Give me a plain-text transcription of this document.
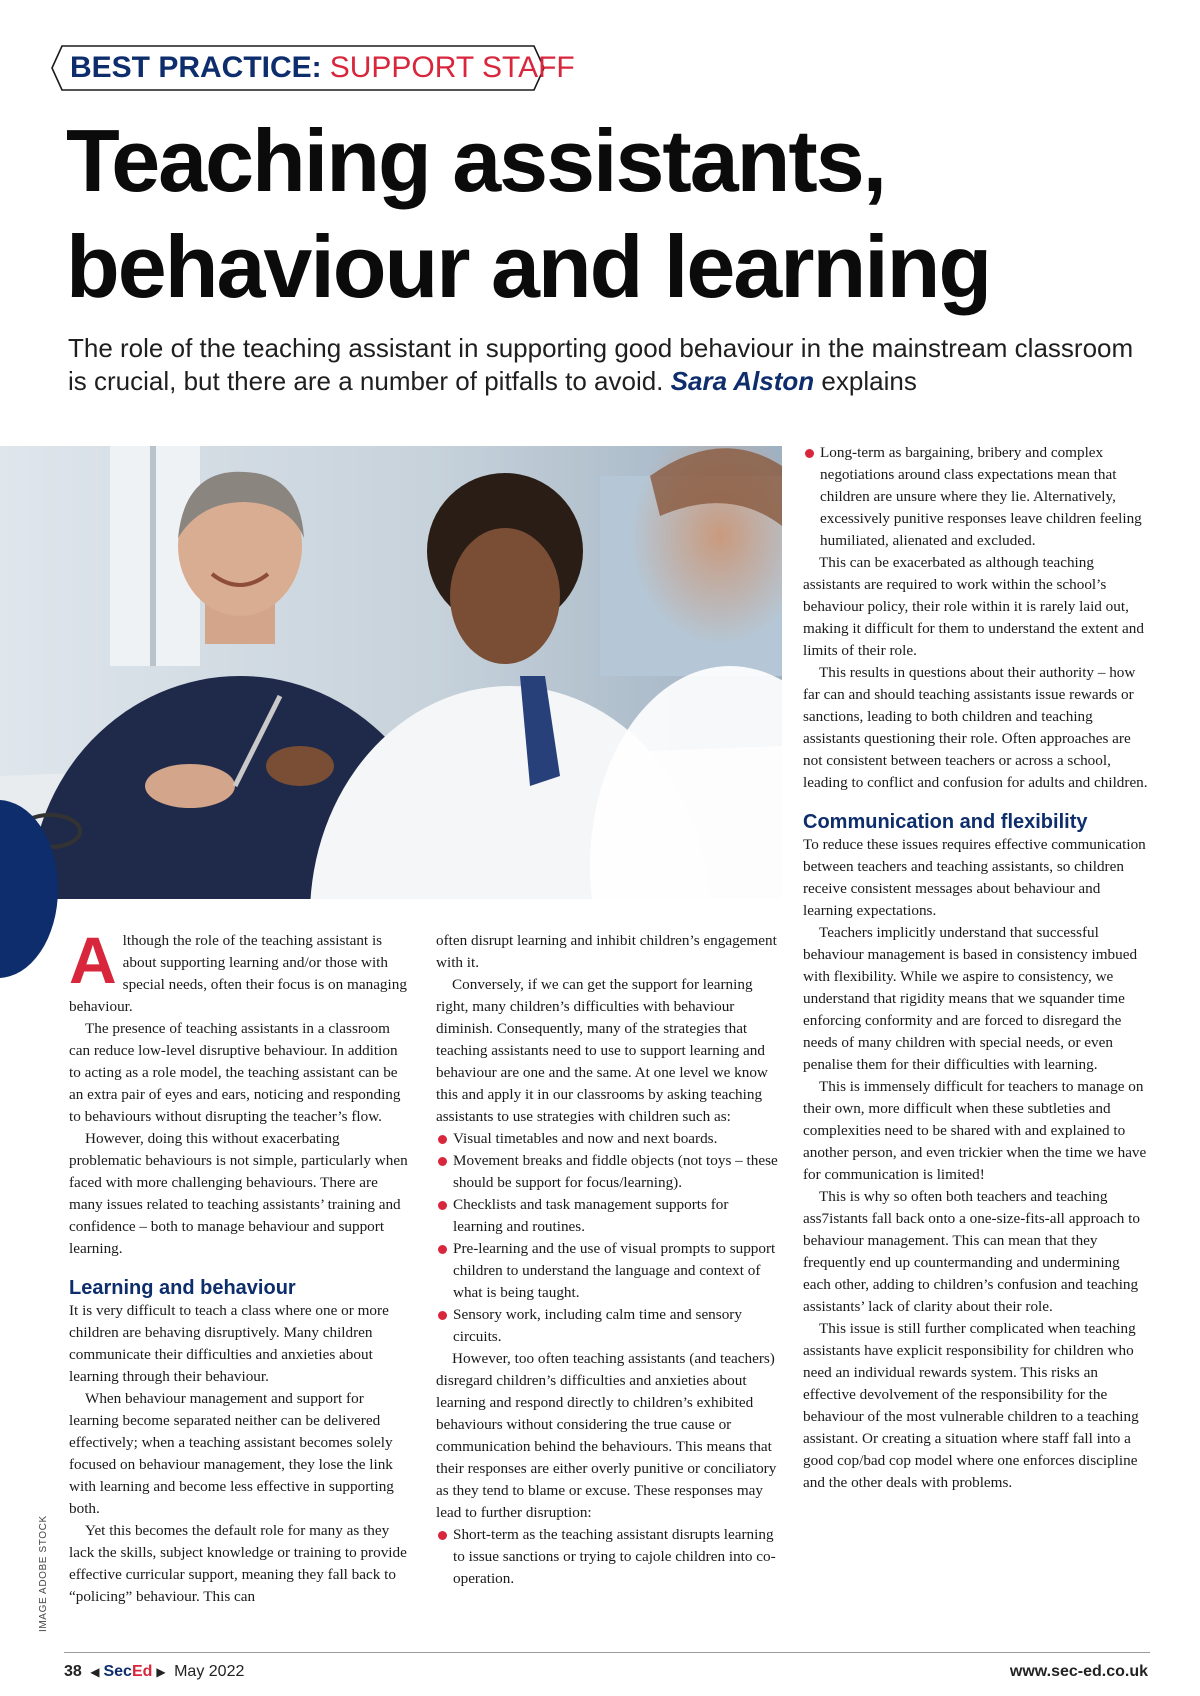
BEST PRACTICE: SUPPORT STAFF
Teaching assistants,
behaviour and learning

The role of the teaching assistant in supporting good behaviour in the mainstream classroom is crucial, but there are a number of pitfalls to avoid. Sara Alston explains

IMAGE ADOBE STOCK

Although the role of the teaching assistant is about supporting learning and/or those with special needs, often their focus is on managing behaviour.

The presence of teaching assistants in a classroom can reduce low-level disruptive behaviour. In addition to acting as a role model, the teaching assistant can be an extra pair of eyes and ears, noticing and responding to behaviours without disrupting the teacher’s flow.

However, doing this without exacerbating problematic behaviours is not simple, particularly when faced with more challenging behaviours. There are many issues related to teaching assistants’ training and confidence – both to manage behaviour and support learning.

Learning and behaviour

It is very difficult to teach a class where one or more children are behaving disruptively. Many children communicate their difficulties and anxieties about learning through their behaviour.

When behaviour management and support for learning become separated neither can be delivered effectively; when a teaching assistant becomes solely focused on behaviour management, they lose the link with learning and become less effective in supporting both.

Yet this becomes the default role for many as they lack the skills, subject knowledge or training to provide effective curricular support, meaning they fall back to “policing” behaviour. This can

often disrupt learning and inhibit children’s engagement with it.

Conversely, if we can get the support for learning right, many children’s difficulties with behaviour diminish. Consequently, many of the strategies that teaching assistants need to use to support learning and behaviour are one and the same. At one level we know this and apply it in our classrooms by asking teaching assistants to use strategies with children such as:

Visual timetables and now and next boards.
Movement breaks and fiddle objects (not toys – these should be support for focus/learning).
Checklists and task management supports for learning and routines.
Pre-learning and the use of visual prompts to support children to understand the language and context of what is being taught.
Sensory work, including calm time and sensory circuits.

However, too often teaching assistants (and teachers) disregard children’s difficulties and anxieties about learning and respond directly to children’s exhibited behaviours without considering the true cause or communication behind the behaviours. This means that their responses are either overly punitive or conciliatory as they tend to blame or excuse. These responses may lead to further disruption:

Short-term as the teaching assistant disrupts learning to issue sanctions or trying to cajole children into co-operation.
Long-term as bargaining, bribery and complex negotiations around class expectations mean that children are unsure where they lie. Alternatively, excessively punitive responses leave children feeling humiliated, alienated and excluded.

This can be exacerbated as although teaching assistants are required to work within the school’s behaviour policy, their role within it is rarely laid out, making it difficult for them to understand the extent and limits of their role.

This results in questions about their authority – how far can and should teaching assistants issue rewards or sanctions, leading to both children and teaching assistants questioning their role. Often approaches are not consistent between teachers or across a school, leading to conflict and confusion for adults and children.

Communication and flexibility

To reduce these issues requires effective communication between teachers and teaching assistants, so children receive consistent messages about behaviour and learning expectations.

Teachers implicitly understand that successful behaviour management is based in consistency imbued with flexibility. While we aspire to consistency, we understand that rigidity means that we squander time enforcing conformity and are forced to disregard the needs of many children with special needs, or even penalise them for their difficulties with learning.

This is immensely difficult for teachers to manage on their own, more difficult when these subtleties and complexities need to be shared with and explained to another person, and even trickier when the time we have for communication is limited!

This is why so often both teachers and teaching ass7istants fall back onto a one-size-fits-all approach to behaviour management. This can mean that they frequently end up countermanding and undermining each other, adding to children’s confusion and teaching assistants’ lack of clarity about their role.

This issue is still further complicated when teaching assistants have explicit responsibility for children who need an individual rewards system. This risks an effective devolvement of the responsibility for the behaviour of the most vulnerable children to a teaching assistant. Or creating a situation where staff fall into a good cop/bad cop model where one enforces discipline and the other deals with problems.

38 ◀ SecEd ▶ May 2022	www.sec-ed.co.uk
